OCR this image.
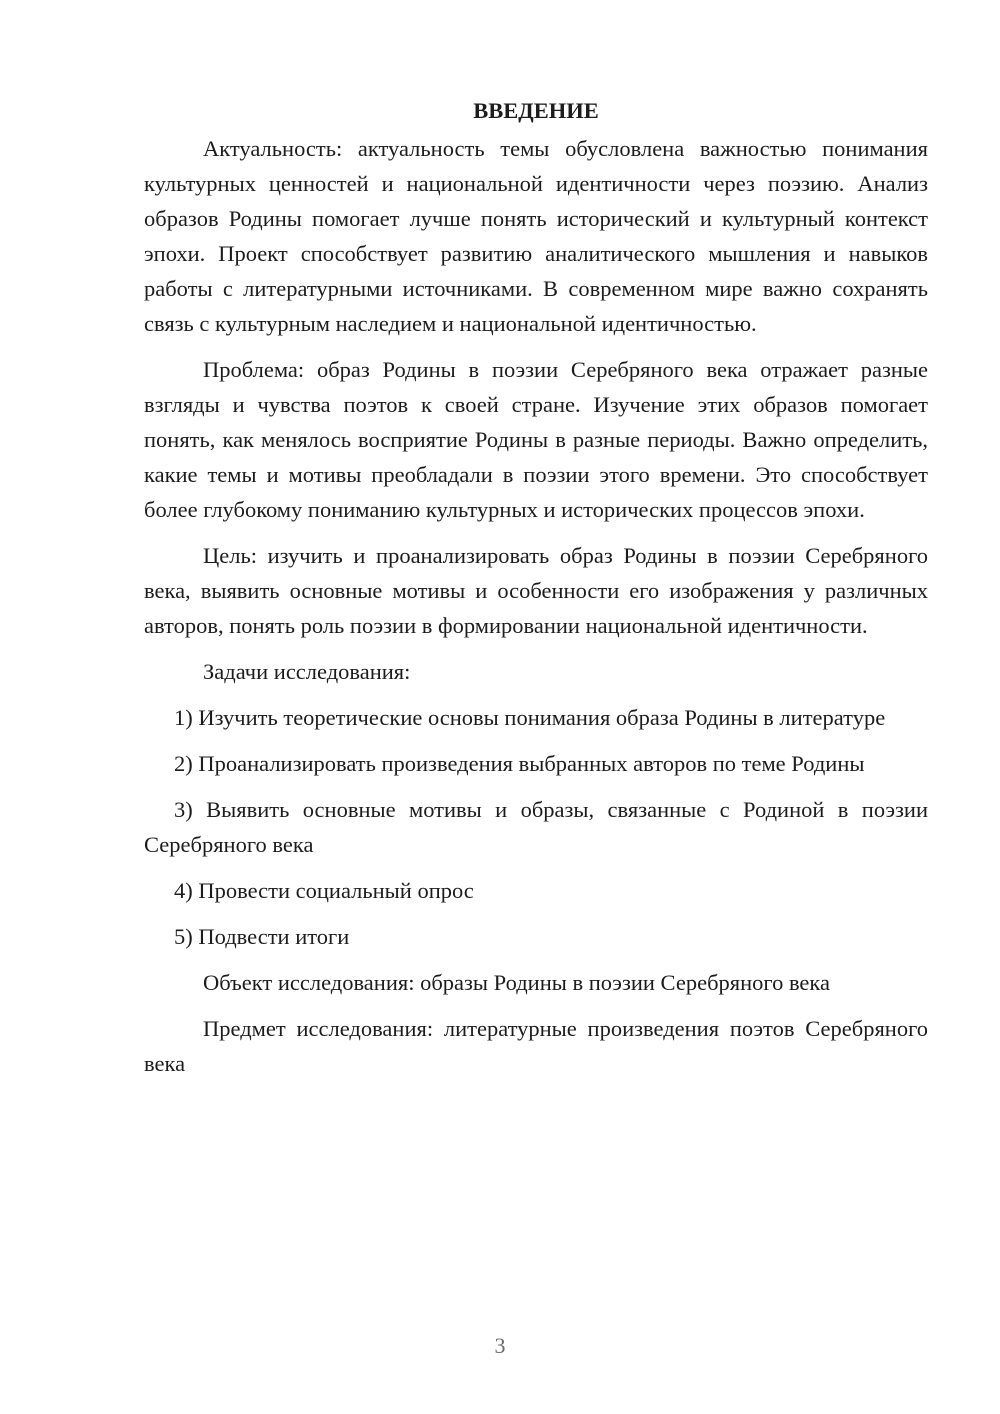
ВВЕДЕНИЕ

Актуальность: актуальность темы обусловлена важностью понимания культурных ценностей и национальной идентичности через поэзию. Анализ образов Родины помогает лучше понять исторический и культурный контекст эпохи. Проект способствует развитию аналитического мышления и навыков работы с литературными источниками. В современном мире важно сохранять связь с культурным наследием и национальной идентичностью.

Проблема: образ Родины в поэзии Серебряного века отражает разные взгляды и чувства поэтов к своей стране. Изучение этих образов помогает понять, как менялось восприятие Родины в разные периоды. Важно определить, какие темы и мотивы преобладали в поэзии этого времени. Это способствует более глубокому пониманию культурных и исторических процессов эпохи.

Цель: изучить и проанализировать образ Родины в поэзии Серебряного века, выявить основные мотивы и особенности его изображения у различных авторов, понять роль поэзии в формировании национальной идентичности.

Задачи исследования:

1) Изучить теоретические основы понимания образа Родины в литературе

2) Проанализировать произведения выбранных авторов по теме Родины

3) Выявить основные мотивы и образы, связанные с Родиной в поэзии Серебряного века

4) Провести социальный опрос

5) Подвести итоги

Объект исследования: образы Родины в поэзии Серебряного века

Предмет исследования: литературные произведения поэтов Серебряного века

3
